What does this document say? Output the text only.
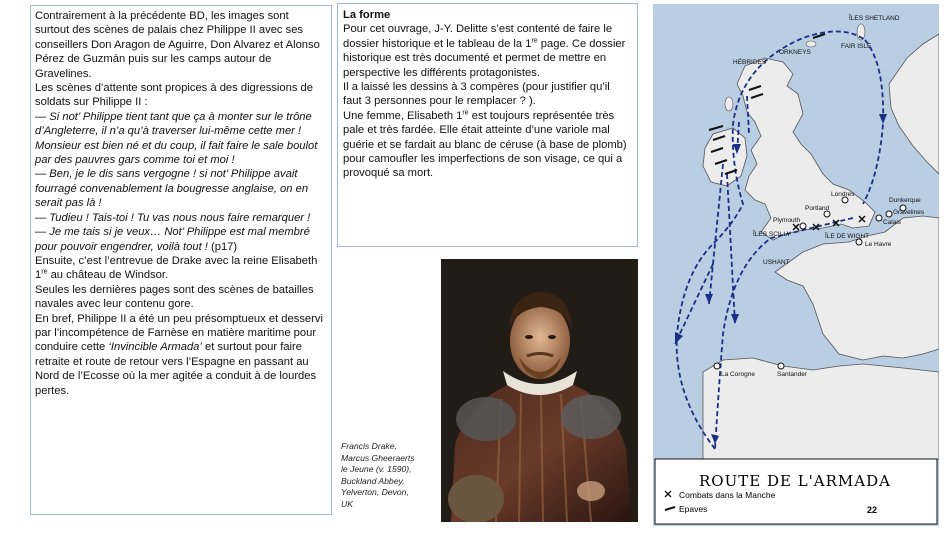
Contrairement à la précédente BD, les images sont surtout des scènes de palais chez Philippe II avec ses conseillers Don Aragon de Aguirre, Don Alvarez et Alonso Pérez de Guzmán puis sur les camps autour de Gravelines.

Les scènes d’attente sont propices à des digressions de soldats sur Philippe II :

— Si not’ Philippe tient tant que ça à monter sur le trône d’Angleterre, il n’a qu’à traverser lui-même cette mer ! Monsieur est bien né et du coup, il fait faire le sale boulot par des pauvres gars comme toi et moi !

— Ben, je le dis sans vergogne ! si not’ Philippe avait fourragé convenablement la bougresse anglaise, on en serait pas là !

— Tudieu ! Tais-toi ! Tu vas nous nous faire remarquer !

— Je me tais si je veux… Not’ Philippe est mal membré pour pouvoir engendrer, voilà tout ! (p17)

Ensuite, c’est l’entrevue de Drake avec la reine Elisabeth 1re au château de Windsor.

Seules les dernières pages sont des scènes de batailles navales avec leur contenu gore.

En bref, Philippe II a été un peu présomptueux et desservi par l’incompétence de Farnèse en matière maritime pour conduire cette ‘Invincible Armada’ et surtout pour faire retraite et route de retour vers l’Espagne en passant au Nord de l’Ecosse où la mer agitée a conduit à de lourdes pertes.

La forme

Pour cet ouvrage, J-Y. Delitte s’est contenté de faire le dossier historique et le tableau de la 1re page. Ce dossier historique est très documenté et permet de mettre en perspective les différents protagonistes.

Il a laissé les dessins à 3 compères (pour justifier qu’il faut 3 personnes pour le remplacer ? ).

Une femme, Elisabeth 1re est toujours représentée très pale et très fardée. Elle était atteinte d’une variole mal guérie et se fardait au blanc de céruse (à base de plomb) pour camoufler les imperfections de son visage, ce qui a provoqué sa mort.

Francis Drake,
Marcus Gheeraerts
le Jeune (v. 1590),
Buckland Abbey,
Yelverton, Devon,
UK
ÎLES SHETLAND
FAIR ISLE
ORKNEYS
HÉBRIDES
Londres
Portland
Plymouth
ÎLE DE WIGHT
Dunkerque
Gravelines
Calais
ÎLES SCILLY
USHANT
Le Havre
La Corogne	Santander
ROUTE DE L'ARMADA
Combats dans la Manche
Epaves	22
